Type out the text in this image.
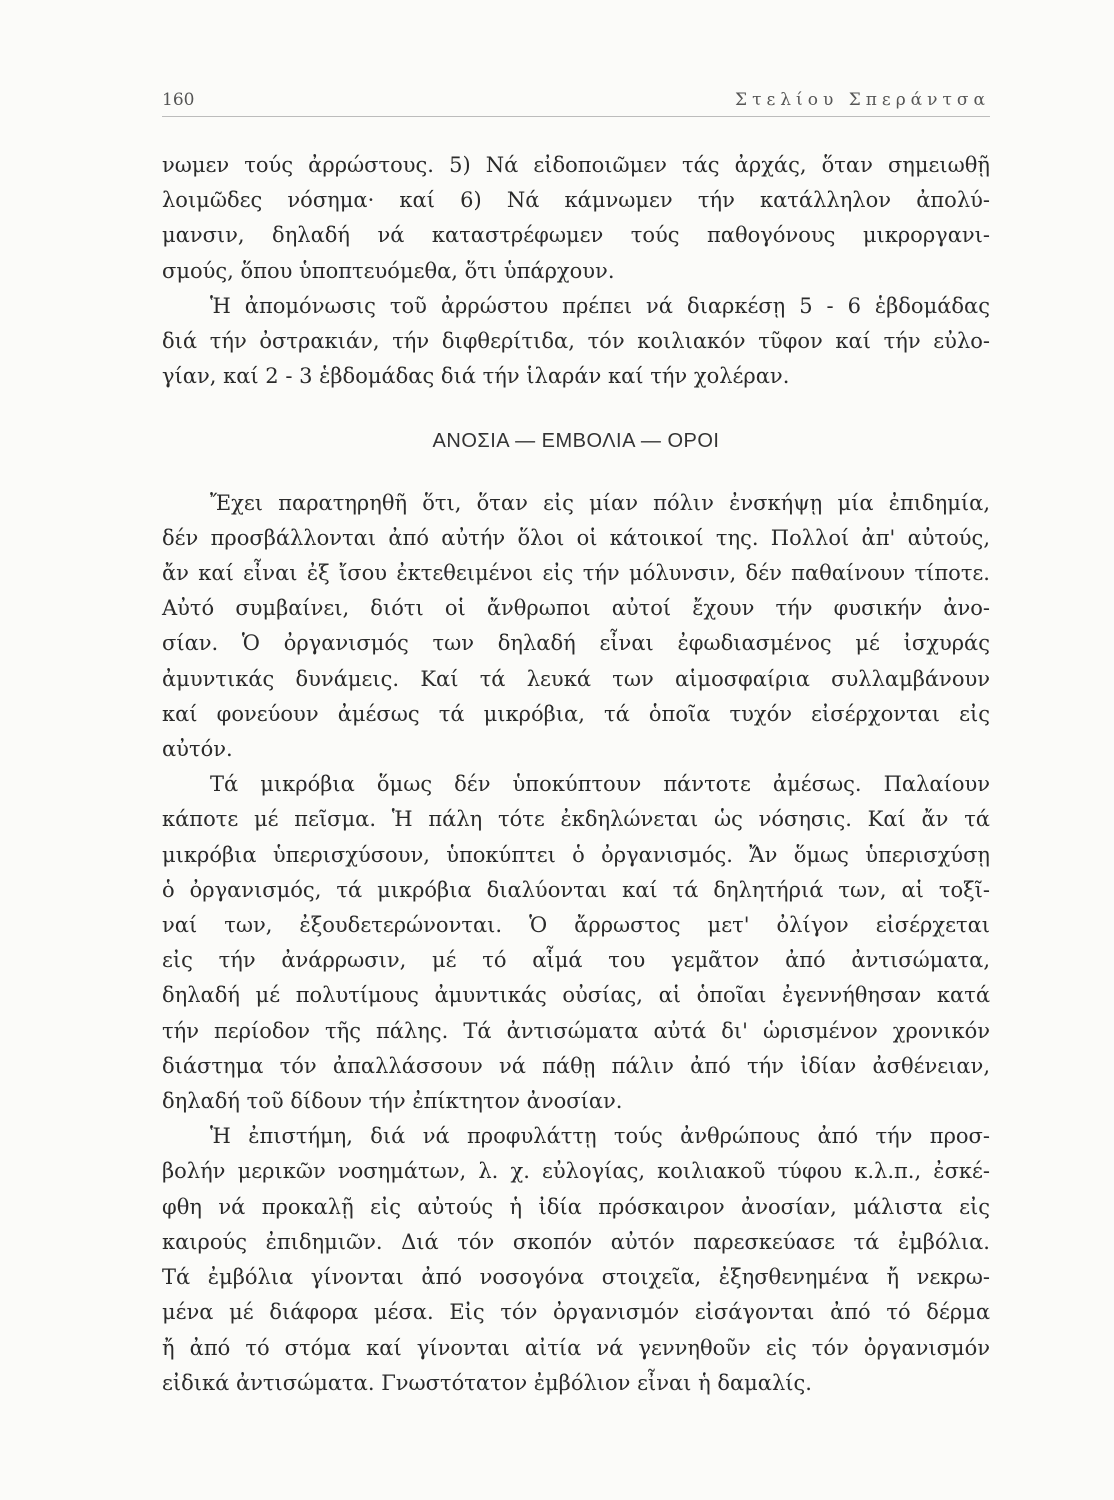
160	Στελίου Σπεράντσα
νωμεν τούς ἀρρώστους. 5) Νά εἰδοποιῶμεν τάς ἀρχάς, ὅταν σημειωθῇ
λοιμῶδες νόσημα· καί 6) Νά κάμνωμεν τήν κατάλληλον ἀπολύ-
μανσιν, δηλαδή νά καταστρέφωμεν τούς παθογόνους μικροργανι-
σμούς, ὅπου ὑποπτευόμεθα, ὅτι ὑπάρχουν.
Ἡ ἀπομόνωσις τοῦ ἀρρώστου πρέπει νά διαρκέσῃ 5 - 6 ἑβδομάδας
διά τήν ὀστρακιάν, τήν διφθερίτιδα, τόν κοιλιακόν τῦφον καί τήν εὐλο-
γίαν, καί 2 - 3 ἑβδομάδας διά τήν ἱλαράν καί τήν χολέραν.
ΑΝΟΣΙΑ — ΕΜΒΟΛΙΑ — ΟΡΟΙ
Ἔχει παρατηρηθῆ ὅτι, ὅταν εἰς μίαν πόλιν ἐνσκήψῃ μία ἐπιδημία,
δέν προσβάλλονται ἀπό αὐτήν ὅλοι οἱ κάτοικοί της. Πολλοί ἀπ' αὐτούς,
ἄν καί εἶναι ἐξ ἴσου ἐκτεθειμένοι εἰς τήν μόλυνσιν, δέν παθαίνουν τίποτε.
Αὐτό συμβαίνει, διότι οἱ ἄνθρωποι αὐτοί ἔχουν τήν φυσικήν ἀνο-
σίαν. Ὁ ὀργανισμός των δηλαδή εἶναι ἐφωδιασμένος μέ ἰσχυράς
ἀμυντικάς δυνάμεις. Καί τά λευκά των αἱμοσφαίρια συλλαμβάνουν
καί φονεύουν ἀμέσως τά μικρόβια, τά ὁποῖα τυχόν εἰσέρχονται εἰς
αὐτόν.
Τά μικρόβια ὅμως δέν ὑποκύπτουν πάντοτε ἀμέσως. Παλαίουν
κάποτε μέ πεῖσμα. Ἡ πάλη τότε ἐκδηλώνεται ὡς νόσησις. Καί ἄν τά
μικρόβια ὑπερισχύσουν, ὑποκύπτει ὁ ὀργανισμός. Ἄν ὅμως ὑπερισχύσῃ
ὁ ὀργανισμός, τά μικρόβια διαλύονται καί τά δηλητήριά των, αἱ τοξῖ-
ναί των, ἐξουδετερώνονται. Ὁ ἄρρωστος μετ' ὀλίγον εἰσέρχεται
εἰς τήν ἀνάρρωσιν, μέ τό αἷμά του γεμᾶτον ἀπό ἀντισώματα,
δηλαδή μέ πολυτίμους ἀμυντικάς οὐσίας, αἱ ὁποῖαι ἐγεννήθησαν κατά
τήν περίοδον τῆς πάλης. Τά ἀντισώματα αὐτά δι' ὡρισμένον χρονικόν
διάστημα τόν ἀπαλλάσσουν νά πάθῃ πάλιν ἀπό τήν ἰδίαν ἀσθένειαν,
δηλαδή τοῦ δίδουν τήν ἐπίκτητον ἀνοσίαν.
Ἡ ἐπιστήμη, διά νά προφυλάττῃ τούς ἀνθρώπους ἀπό τήν προσ-
βολήν μερικῶν νοσημάτων, λ. χ. εὐλογίας, κοιλιακοῦ τύφου κ.λ.π., ἐσκέ-
φθη νά προκαλῇ εἰς αὐτούς ἡ ἰδία πρόσκαιρον ἀνοσίαν, μάλιστα εἰς
καιρούς ἐπιδημιῶν. Διά τόν σκοπόν αὐτόν παρεσκεύασε τά ἐμβόλια.
Τά ἐμβόλια γίνονται ἀπό νοσογόνα στοιχεῖα, ἐξησθενημένα ἤ νεκρω-
μένα μέ διάφορα μέσα. Εἰς τόν ὀργανισμόν εἰσάγονται ἀπό τό δέρμα
ἤ ἀπό τό στόμα καί γίνονται αἰτία νά γεννηθοῦν εἰς τόν ὀργανισμόν
εἰδικά ἀντισώματα. Γνωστότατον ἐμβόλιον εἶναι ἡ δαμαλίς.
